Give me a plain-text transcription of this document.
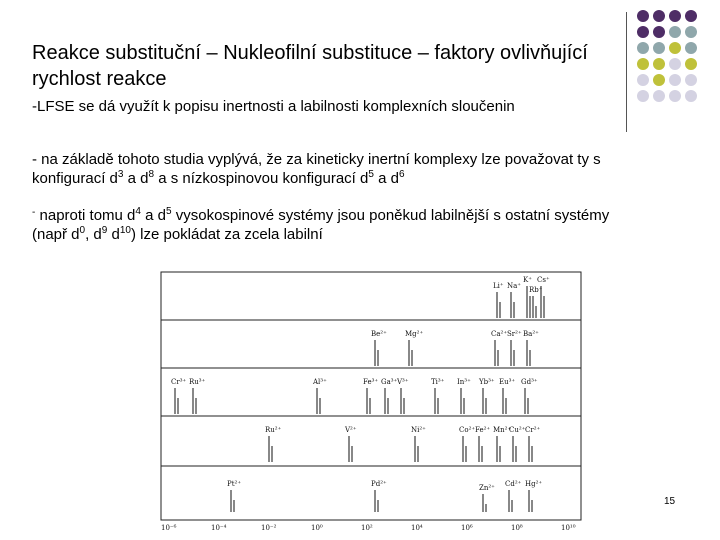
Reakce substituční – Nukleofilní substituce – faktory ovlivňující rychlost reakce

-LFSE se dá využít k popisu inertnosti a labilnosti komplexních sloučenin

- na základě tohoto studia vyplývá, že za kineticky inertní komplexy lze považovat ty s konfigurací $d^3$ a $d^8$ a s nízkospinovou konfigurací $d^5$ a $d^6$

- naproti tomu $d^4$ a $d^5$ vysokospinové systémy jsou poněkud labilnější s ostatní systémy (např $d^0$, $d^9$ $d^{10}$) lze pokládat za zcela labilní

Li⁺ Na⁺
K⁺ Cs⁺
Rb⁺
Be²⁺	Mg²⁺	Ca²⁺ Sr²⁺ Ba²⁺
Cr³⁺ Ru³⁺	Al³⁺	Fe³⁺ Ga³⁺ V³⁺	Ti³⁺ In³⁺ Yb³⁺ Eu³⁺ Gd³⁺
Ru²⁺	V²⁺	Ni²⁺	Co²⁺ Fe²⁺ Mn²⁺
Cu²⁺ Cr²⁺
Pt²⁺	Pd²⁺	Zn²⁺ Cd²⁺ Hg²⁺
10⁻⁶	10⁻⁴	10⁻²	10⁰	10²	10⁴	10⁶	10⁸	10¹⁰
15
